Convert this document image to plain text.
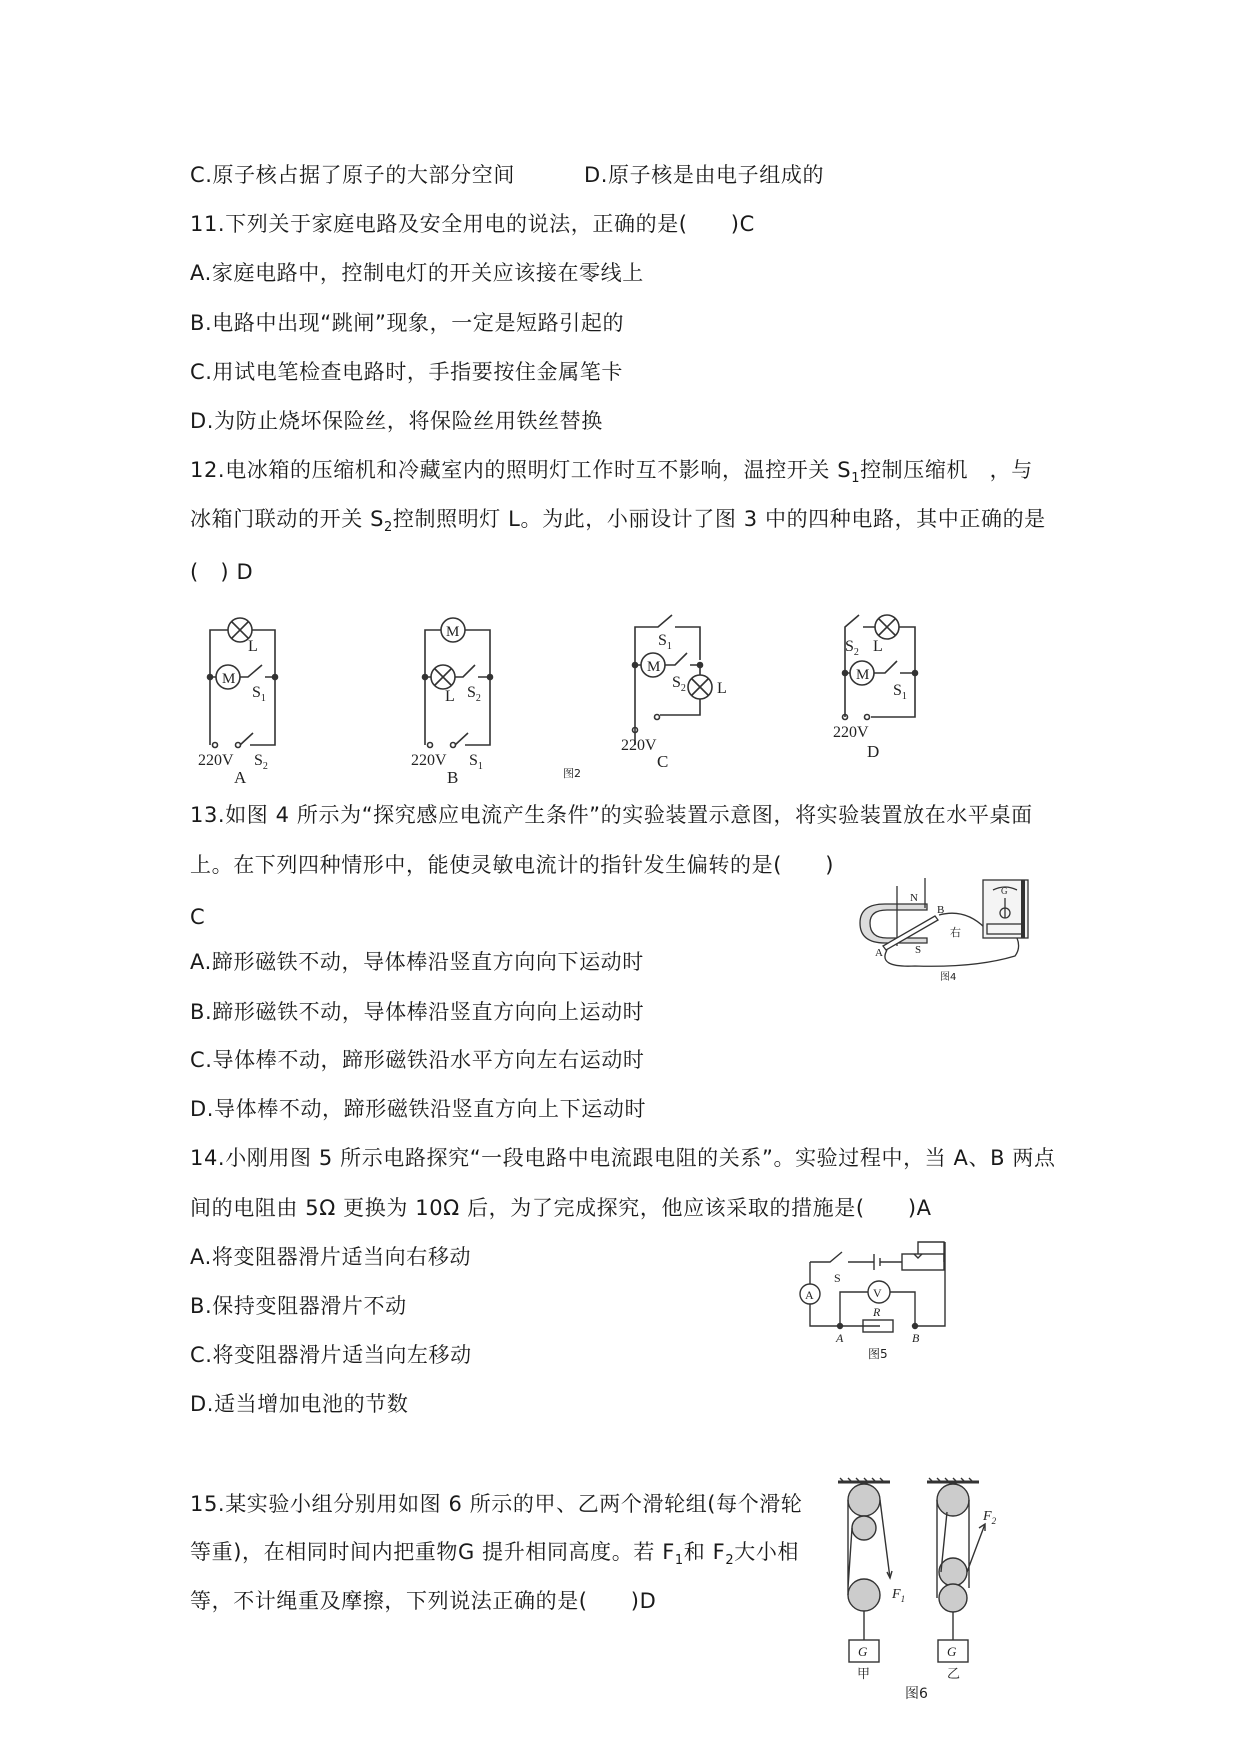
C.原子核占据了原子的大部分空间	D.原子核是由电子组成的
11.下列关于家庭电路及安全用电的说法，正确的是(　　)C
A.家庭电路中，控制电灯的开关应该接在零线上
B.电路中出现“跳闸”现象，一定是短路引起的
C.用试电笔检查电路时，手指要按住金属笔卡
D.为防止烧坏保险丝，将保险丝用铁丝替换
12.电冰箱的压缩机和冷藏室内的照明灯工作时互不影响，温控开关 $S_1$控制压缩机　，与
冰箱门联动的开关 $S_2$控制照明灯 L。为此，小丽设计了图 3 中的四种电路，其中正确的是
(　) D
M
L
$S_1$
220V $S_2$
A
M
L $S_2$
220V $S_1$
B
M
$S_1$
$S_2$ L
220V
C
M
$S_2$ L
$S_1$
220V
D
图2
13.如图 4 所示为“探究感应电流产生条件”的实验装置示意图，将实验装置放在水平桌面
上。在下列四种情形中，能使灵敏电流计的指针发生偏转的是(　　)
C
A.蹄形磁铁不动，导体棒沿竖直方向向下运动时
B.蹄形磁铁不动，导体棒沿竖直方向向上运动时
C.导体棒不动，蹄形磁铁沿水平方向左右运动时
D.导体棒不动，蹄形磁铁沿竖直方向上下运动时
N
S
A
B
右
G
图4
14.小刚用图 5 所示电路探究“一段电路中电流跟电阻的关系”。实验过程中，当 A、B 两点
间的电阻由 5Ω 更换为 10Ω 后，为了完成探究，他应该采取的措施是(　　)A
A.将变阻器滑片适当向右移动
B.保持变阻器滑片不动
C.将变阻器滑片适当向左移动
D.适当增加电池的节数
A	V
S
R
A	B
图5
15.某实验小组分别用如图 6 所示的甲、乙两个滑轮组(每个滑轮
等重)，在相同时间内把重物G 提升相同高度。若 $F_1$和 $F_2$大小相
等，不计绳重及摩擦，下列说法正确的是(　　)D
G
$F_1$
甲
G
$F_2$
乙
图6
